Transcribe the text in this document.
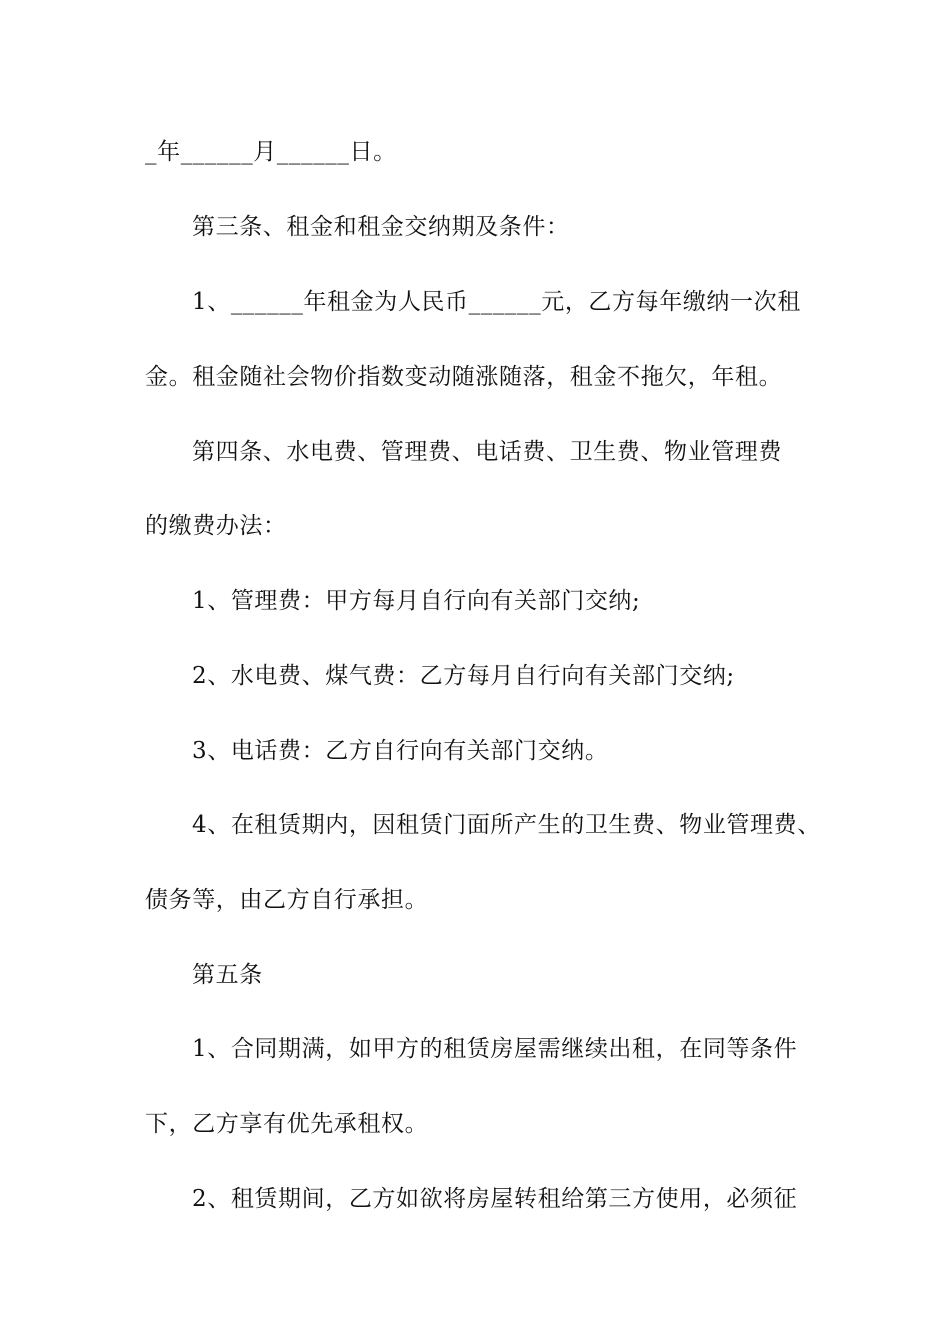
_年______月______日。
第三条、租金和租金交纳期及条件：
1、______年租金为人民币______元，乙方每年缴纳一次租
金。租金随社会物价指数变动随涨随落，租金不拖欠，年租。
第四条、水电费、管理费、电话费、卫生费、物业管理费
的缴费办法：
1、管理费：甲方每月自行向有关部门交纳;
2、水电费、煤气费：乙方每月自行向有关部门交纳;
3、电话费：乙方自行向有关部门交纳。
4、在租赁期内，因租赁门面所产生的卫生费、物业管理费、
债务等，由乙方自行承担。
第五条
1、合同期满，如甲方的租赁房屋需继续出租，在同等条件
下，乙方享有优先承租权。
2、租赁期间，乙方如欲将房屋转租给第三方使用，必须征
